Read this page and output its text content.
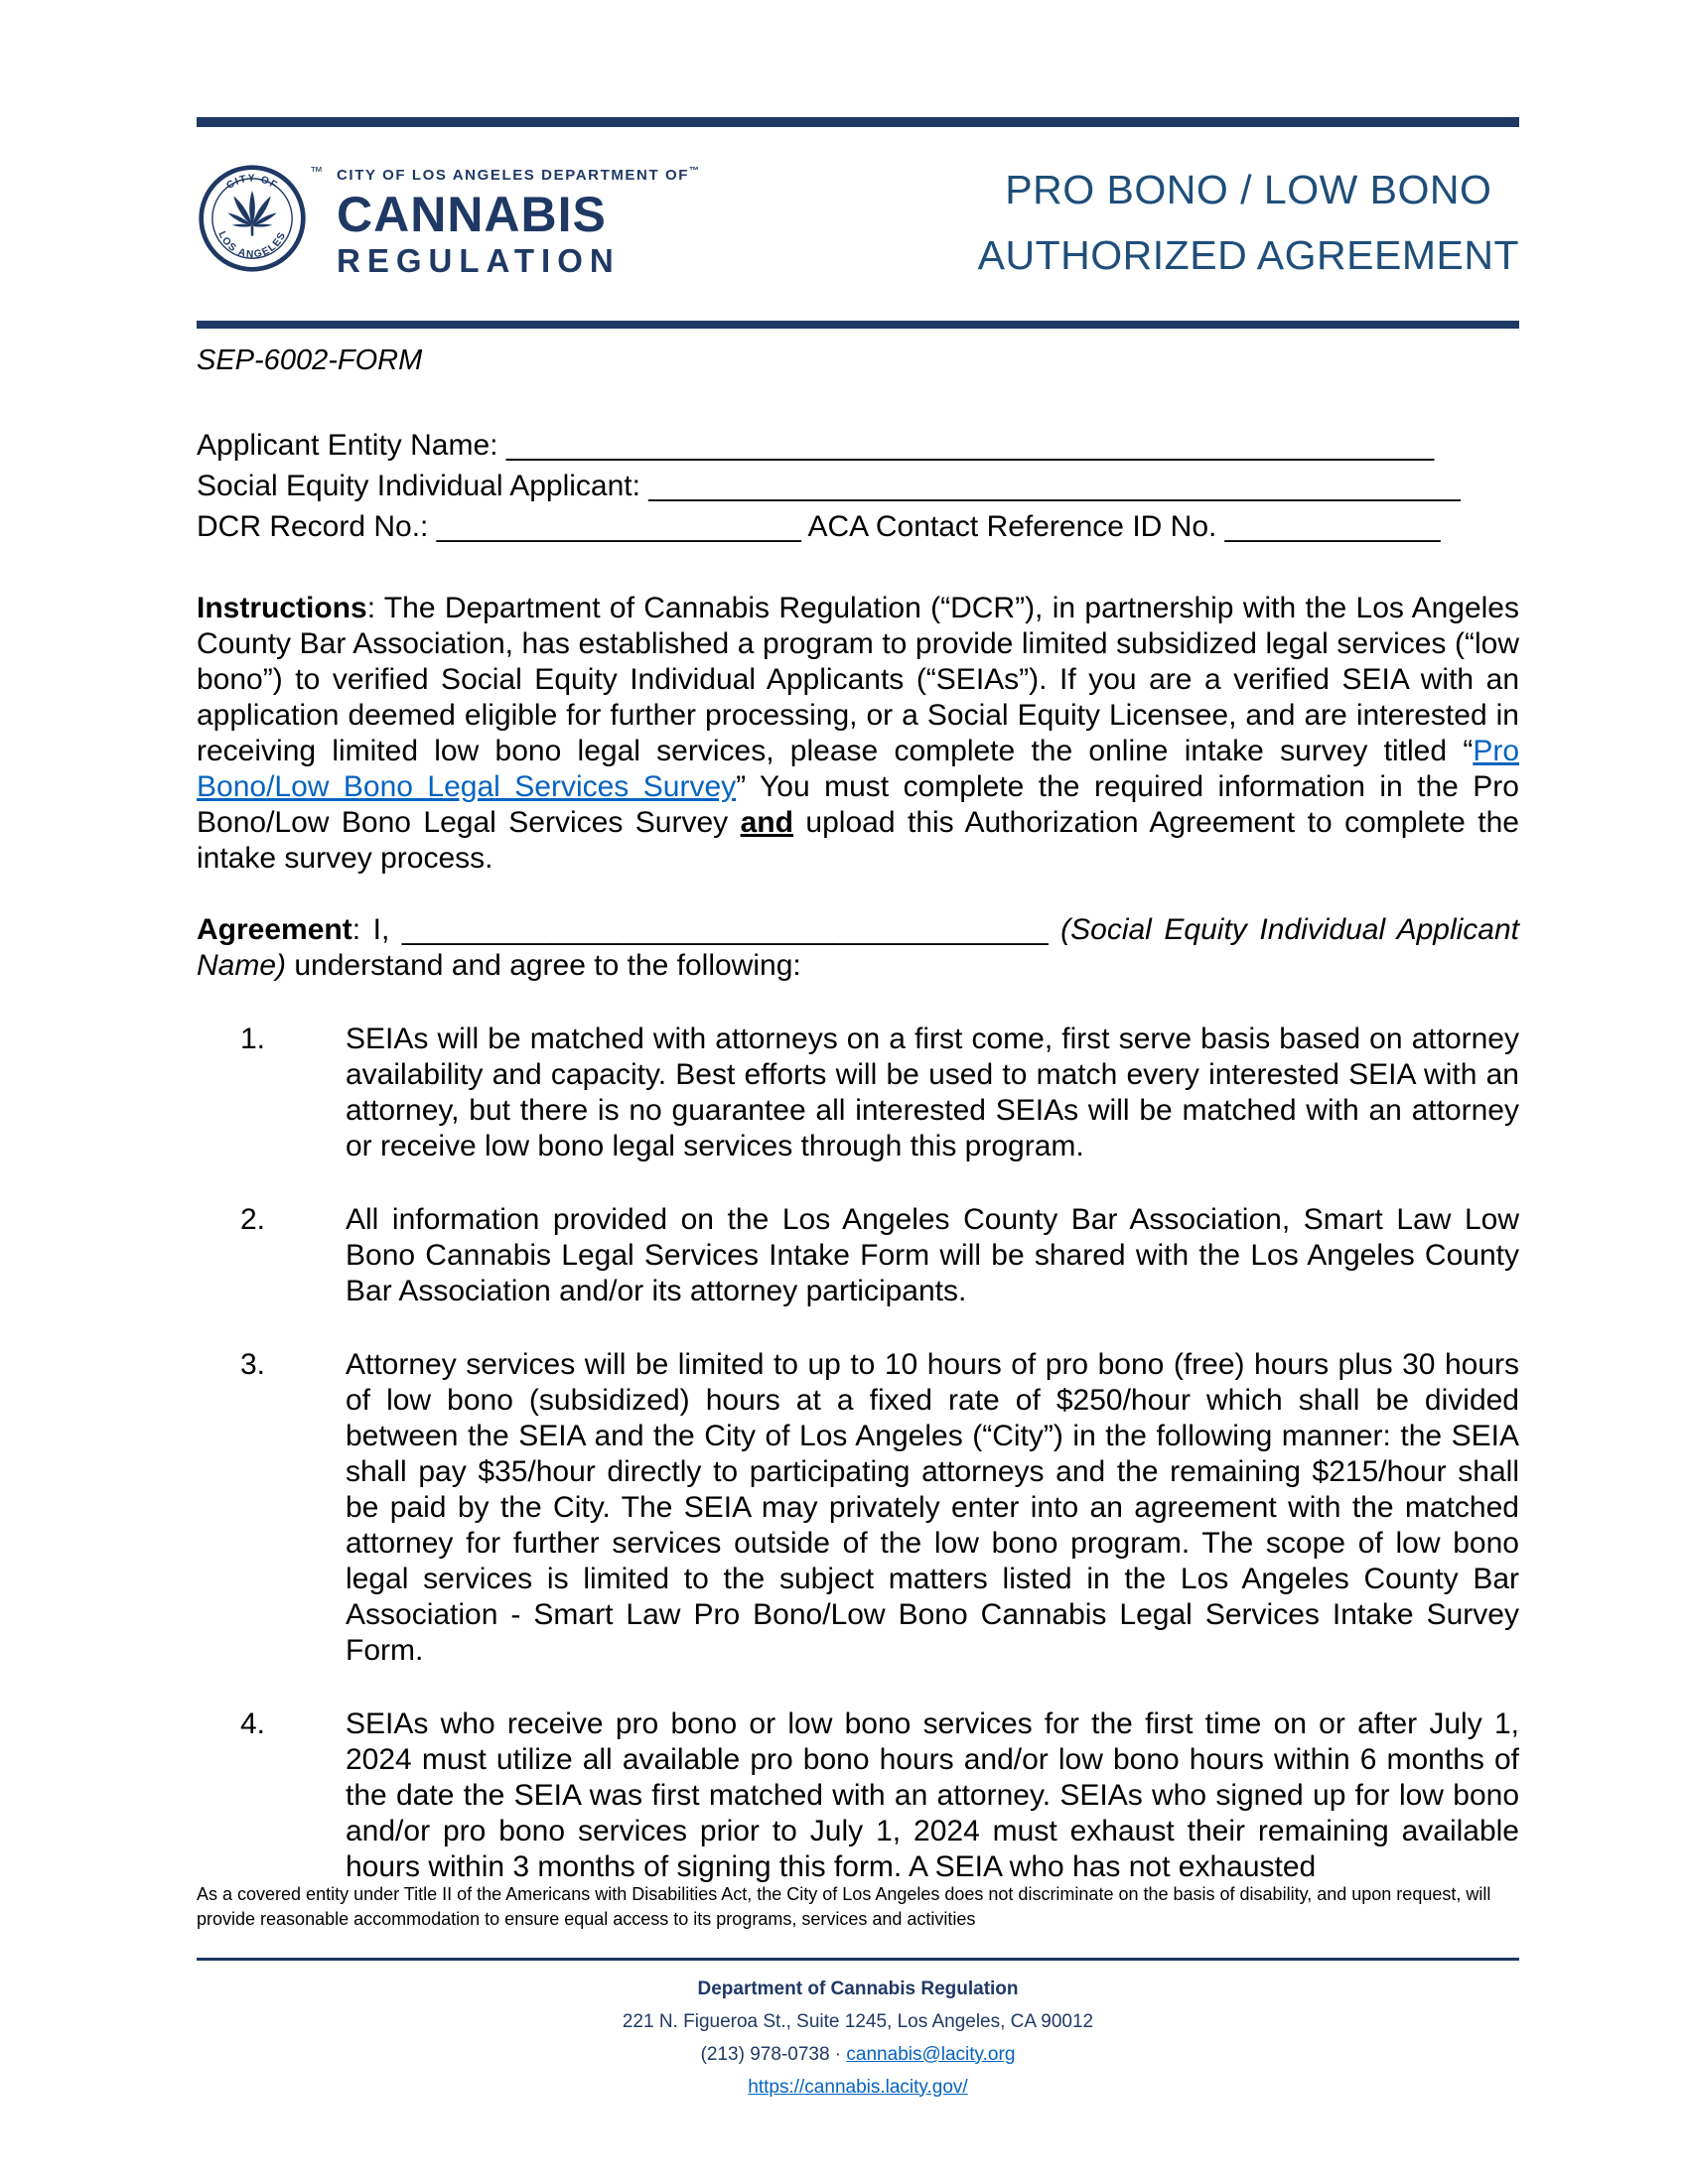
CITY OF
LOS ANGELES
™ CITY OF LOS ANGELES DEPARTMENT OF™
CANNABIS
REGULATION
PRO BONO / LOW BONO
AUTHORIZED AGREEMENT
SEP-6002-FORM
Applicant Entity Name: ________________________________________________________
Social Equity Individual Applicant: _________________________________________________
DCR Record No.: ______________________ ACA Contact Reference ID No. _____________

Instructions: The Department of Cannabis Regulation (“DCR”), in partnership with the Los Angeles County Bar Association, has established a program to provide limited subsidized legal services (“low bono”) to verified Social Equity Individual Applicants (“SEIAs”). If you are a verified SEIA with an application deemed eligible for further processing, or a Social Equity Licensee, and are interested in receiving limited low bono legal services, please complete the online intake survey titled “Pro Bono/Low Bono Legal Services Survey” You must complete the required information in the Pro Bono/Low Bono Legal Services Survey and upload this Authorization Agreement to complete the intake survey process.

Agreement: I, _______________________________________ (Social Equity Individual Applicant Name) understand and agree to the following:

1.	SEIAs will be matched with attorneys on a first come, first serve basis based on attorney availability and capacity. Best efforts will be used to match every interested SEIA with an attorney, but there is no guarantee all interested SEIAs will be matched with an attorney or receive low bono legal services through this program.
2.	All information provided on the Los Angeles County Bar Association, Smart Law Low Bono Cannabis Legal Services Intake Form will be shared with the Los Angeles County Bar Association and/or its attorney participants.
3.	Attorney services will be limited to up to 10 hours of pro bono (free) hours plus 30 hours of low bono (subsidized) hours at a fixed rate of $250/hour which shall be divided between the SEIA and the City of Los Angeles (“City”) in the following manner: the SEIA shall pay $35/hour directly to participating attorneys and the remaining $215/hour shall be paid by the City. The SEIA may privately enter into an agreement with the matched attorney for further services outside of the low bono program. The scope of low bono legal services is limited to the subject matters listed in the Los Angeles County Bar Association - Smart Law Pro Bono/Low Bono Cannabis Legal Services Intake Survey Form.
4.	SEIAs who receive pro bono or low bono services for the first time on or after July 1, 2024 must utilize all available pro bono hours and/or low bono hours within 6 months of the date the SEIA was first matched with an attorney. SEIAs who signed up for low bono and/or pro bono services prior to July 1, 2024 must exhaust their remaining available hours within 3 months of signing this form. A SEIA who has not exhausted

As a covered entity under Title II of the Americans with Disabilities Act, the City of Los Angeles does not discriminate on the basis of disability, and upon request, will provide reasonable accommodation to ensure equal access to its programs, services and activities

Department of Cannabis Regulation
221 N. Figueroa St., Suite 1245, Los Angeles, CA 90012
(213) 978-0738 · cannabis@lacity.org
https://cannabis.lacity.gov/
